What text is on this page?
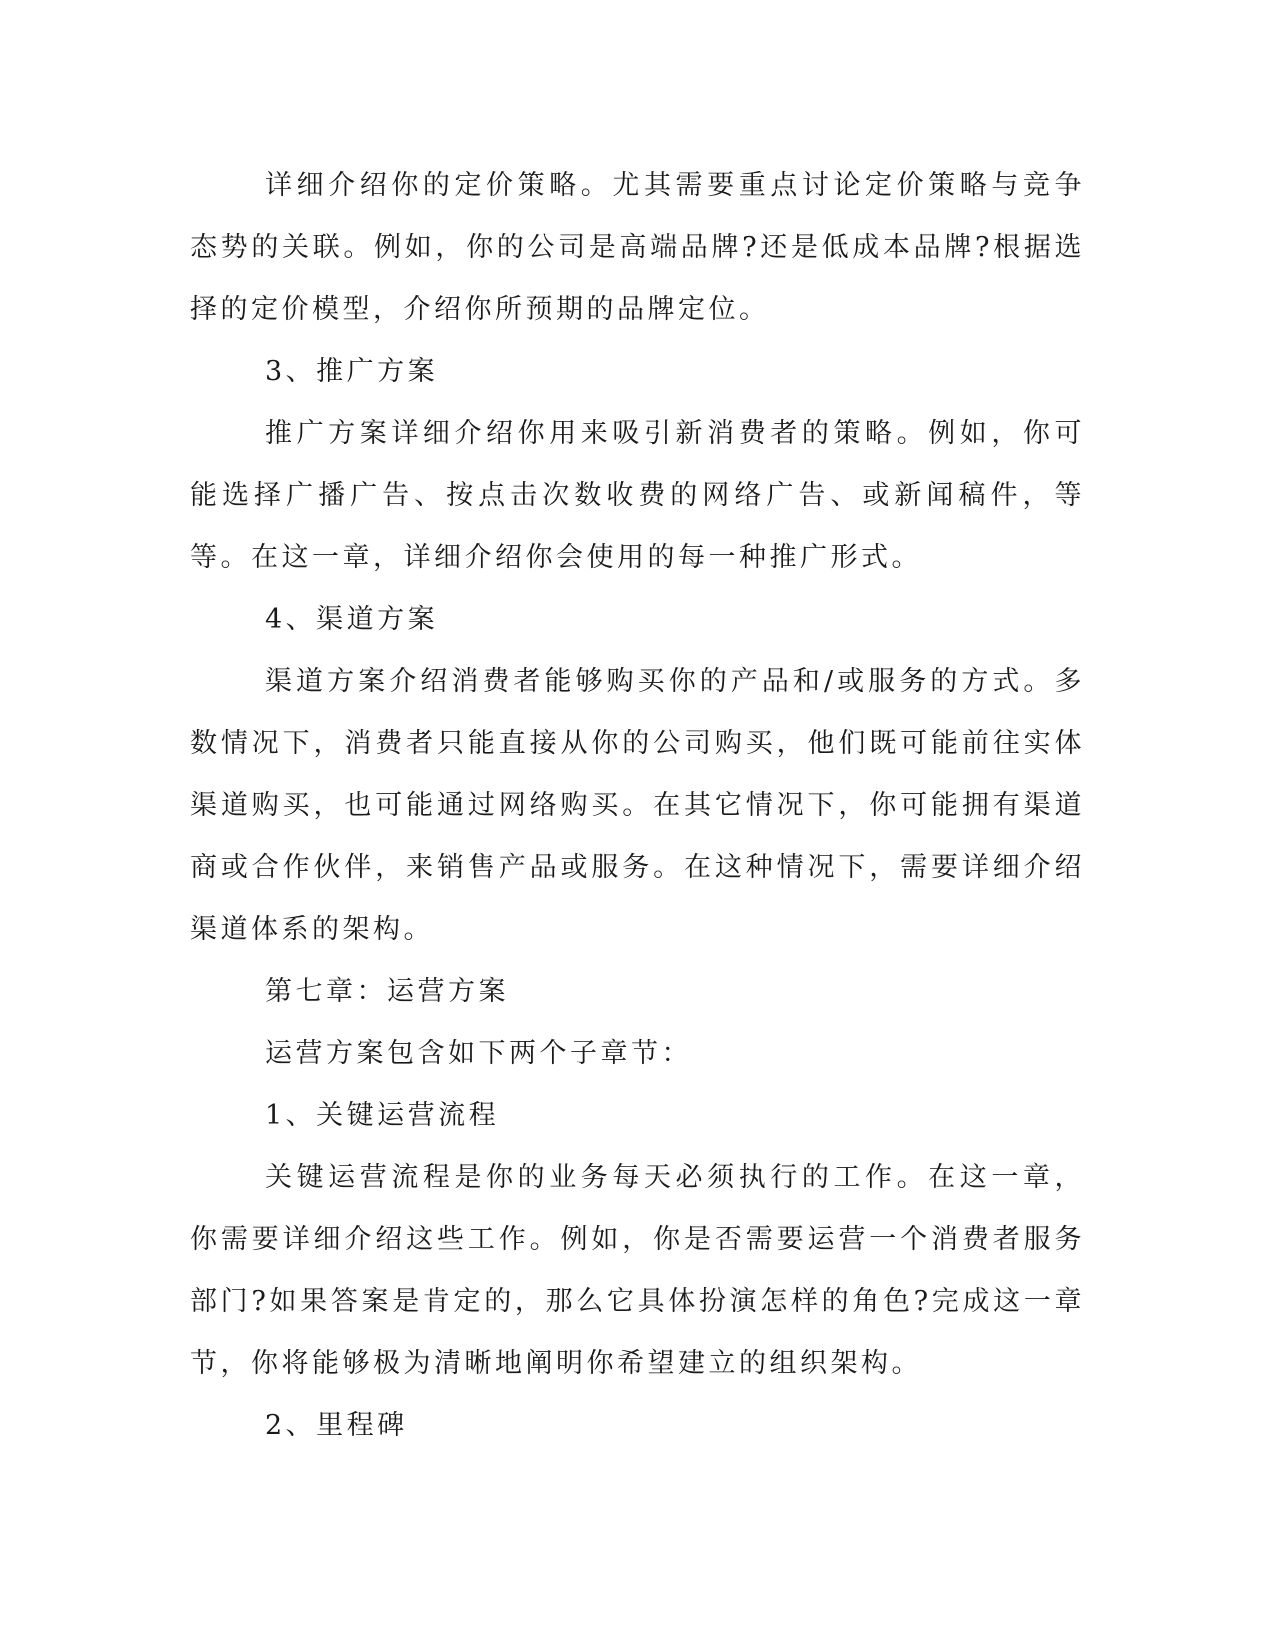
详细介绍你的定价策略。尤其需要重点讨论定价策略与竞争态势的关联。例如，你的公司是高端品牌?还是低成本品牌?根据选择的定价模型，介绍你所预期的品牌定位。

3、推广方案

推广方案详细介绍你用来吸引新消费者的策略。例如，你可能选择广播广告、按点击次数收费的网络广告、或新闻稿件，等等。在这一章，详细介绍你会使用的每一种推广形式。

4、渠道方案

渠道方案介绍消费者能够购买你的产品和/或服务的方式。多数情况下，消费者只能直接从你的公司购买，他们既可能前往实体渠道购买，也可能通过网络购买。在其它情况下，你可能拥有渠道商或合作伙伴，来销售产品或服务。在这种情况下，需要详细介绍渠道体系的架构。

第七章：运营方案

运营方案包含如下两个子章节：

1、关键运营流程

关键运营流程是你的业务每天必须执行的工作。在这一章，你需要详细介绍这些工作。例如，你是否需要运营一个消费者服务部门?如果答案是肯定的，那么它具体扮演怎样的角色?完成这一章节，你将能够极为清晰地阐明你希望建立的组织架构。

2、里程碑
